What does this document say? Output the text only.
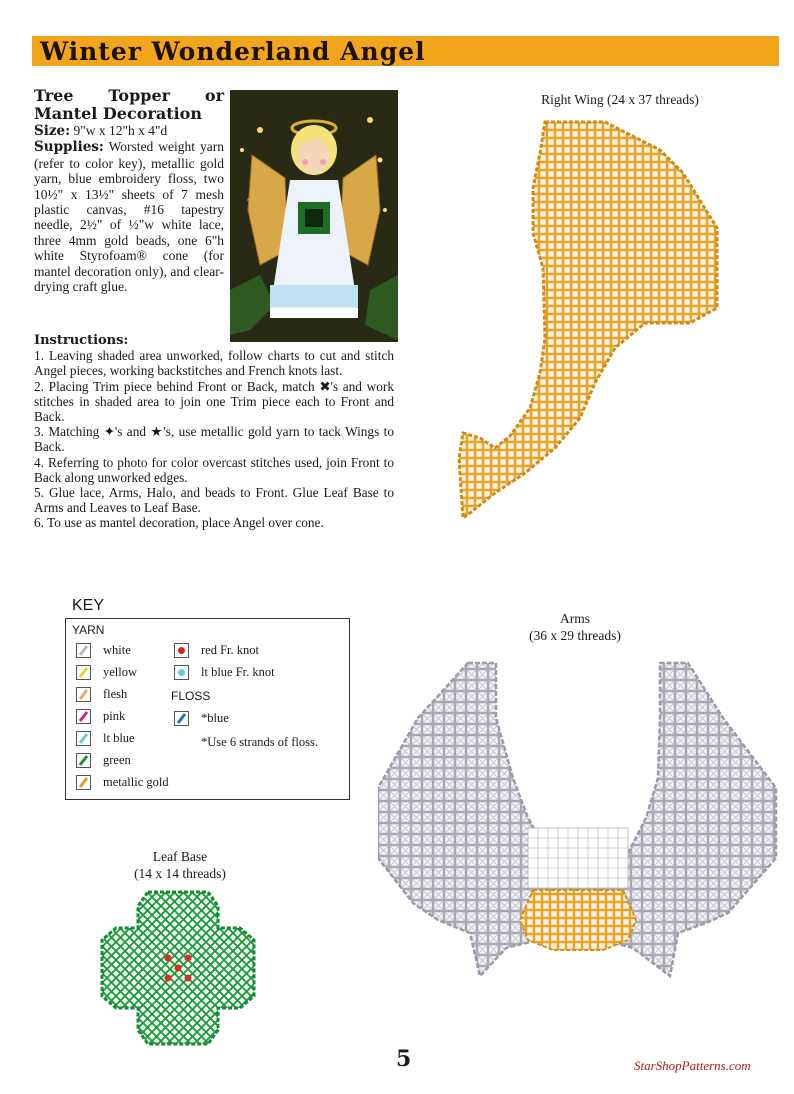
Winter Wonderland Angel
Tree Topper or Mantel Decoration
Size: 9"w x 12"h x 4"d
Supplies: Worsted weight yarn (refer to color key), metallic gold yarn, blue embroidery floss, two 10½" x 13½" sheets of 7 mesh plastic canvas, #16 tapestry needle, 2½" of ½"w white lace, three 4mm gold beads, one 6"h white Styrofoam® cone (for mantel decoration only), and clear-drying craft glue.
Instructions:

1. Leaving shaded area unworked, follow charts to cut and stitch Angel pieces, working backstitches and French knots last.

2. Placing Trim piece behind Front or Back, match ✖'s and work stitches in shaded area to join one Trim piece each to Front and Back.

3. Matching ✦'s and ★'s, use metallic gold yarn to tack Wings to Back.

4. Referring to photo for color overcast stitches used, join Front to Back along unworked edges.

5. Glue lace, Arms, Halo, and beads to Front. Glue Leaf Base to Arms and Leaves to Leaf Base.

6. To use as mantel decoration, place Angel over cone.

Right Wing (24 x 37 threads)
KEY
YARN
white
yellow
flesh
pink
lt blue
green
metallic gold
red Fr. knot
lt blue Fr. knot
*blue
FLOSS
*Use 6 strands of floss.
Arms
(36 x 29 threads)
Leaf Base
(14 x 14 threads)
5	StarShopPatterns.com
